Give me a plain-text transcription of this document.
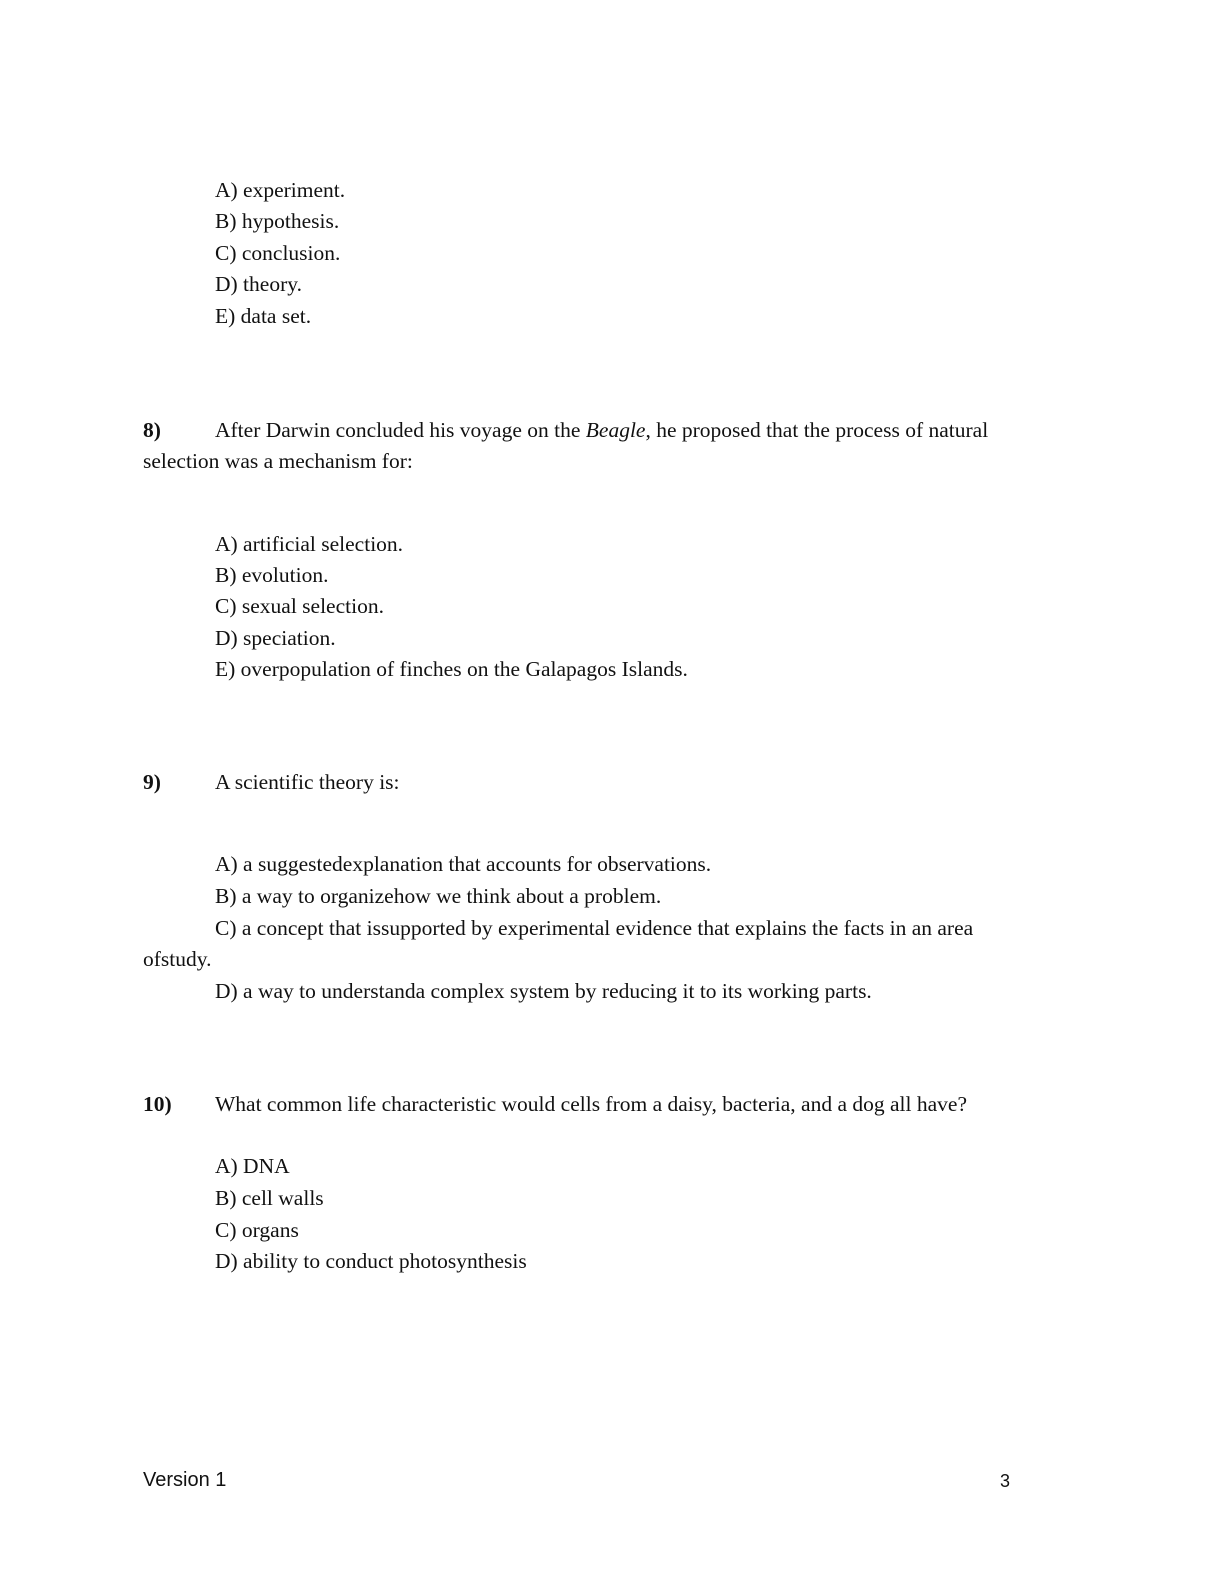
A) experiment.
B) hypothesis.
C) conclusion.
D) theory.
E) data set.
8)	After Darwin concluded his voyage on the Beagle, he proposed that the process of natural
selection was a mechanism for:
A) artificial selection.
B) evolution.
C) sexual selection.
D) speciation.
E) overpopulation of finches on the Galapagos Islands.
9)	A scientific theory is:
A) a suggestedexplanation that accounts for observations.
B) a way to organizehow we think about a problem.
C) a concept that issupported by experimental evidence that explains the facts in an area
ofstudy.
D) a way to understanda complex system by reducing it to its working parts.
10) What common life characteristic would cells from a daisy, bacteria, and a dog all have?
A) DNA
B) cell walls
C) organs
D) ability to conduct photosynthesis
Version 1	3
